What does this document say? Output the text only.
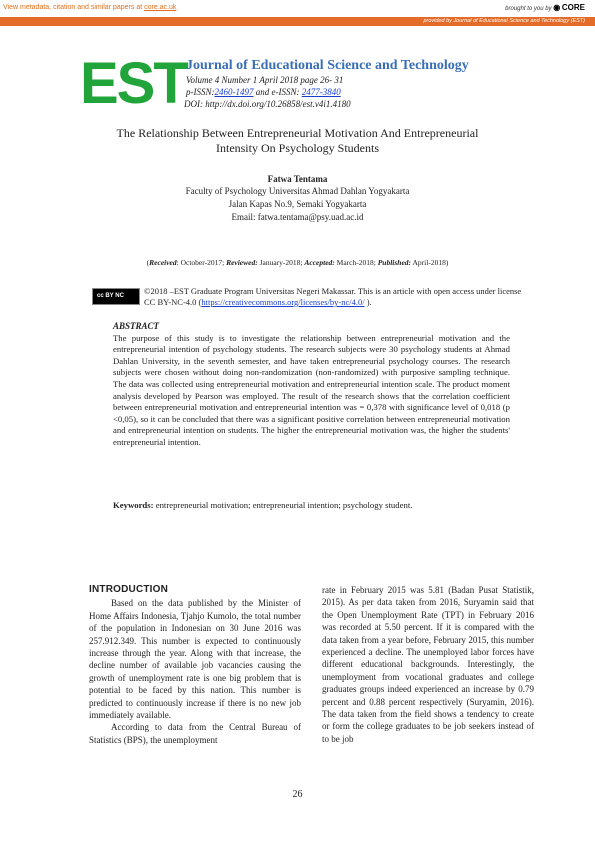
View metadata, citation and similar papers at core.ac.uk	brought to you by ◉ CORE
provided by Journal of Educational Science and Technology (EST)
EST Journal of Educational Science and Technology
Volume 4 Number 1 April 2018 page 26- 31
p-ISSN:2460-1497 and e-ISSN: 2477-3840
DOI: http://dx.doi.org/10.26858/est.v4i1.4180
The Relationship Between Entrepreneurial Motivation And Entrepreneurial
Intensity On Psychology Students
Fatwa Tentama
Faculty of Psychology Universitas Ahmad Dahlan Yogyakarta
Jalan Kapas No.9, Semaki Yogyakarta
Email: fatwa.tentama@psy.uad.ac.id
(Received: October-2017; Reviewed: January-2018; Accepted: March-2018; Published: April-2018)
cc BY NC ©2018 –EST Graduate Program Universitas Negeri Makassar. This is an article with open access under license CC BY-NC-4.0 (https://creativecommons.org/licenses/by-nc/4.0/ ).
ABSTRACT

The purpose of this study is to investigate the relationship between entrepreneurial motivation and the entrepreneurial intention of psychology students. The research subjects were 30 psychology students at Ahmad Dahlan University, in the seventh semester, and have taken entrepreneurial psychology courses. The research subjects were chosen without doing non-randomization (non-randomized) with purposive sampling technique. The data was collected using entrepreneurial motivation and entrepreneurial intention scale. The product moment analysis developed by Pearson was employed. The result of the research shows that the correlation coefficient between entrepreneurial motivation and entrepreneurial intention was = 0,378 with significance level of 0,018 (p <0,05), so it can be concluded that there was a significant positive correlation between entrepreneurial motivation and entrepreneurial intention on students. The higher the entrepreneurial motivation was, the higher the students' entrepreneurial intention.

Keywords: entrepreneurial motivation; entrepreneurial intention; psychology student.
INTRODUCTION

Based on the data published by the Minister of Home Affairs Indonesia, Tjahjo Kumolo, the total number of the population in Indonesian on 30 June 2016 was 257.912.349. This number is expected to continuously increase through the year. Along with that increase, the decline number of available job vacancies causing the growth of unemployment rate is one big problem that is potential to be faced by this nation. This number is predicted to continuously increase if there is no new job immediately available.

According to data from the Central Bureau of Statistics (BPS), the unemployment

rate in February 2015 was 5.81 (Badan Pusat Statistik, 2015). As per data taken from 2016, Suryamin said that the Open Unemployment Rate (TPT) in February 2016 was recorded at 5.50 percent. If it is compared with the data taken from a year before, February 2015, this number experienced a decline. The unemployed labor forces have different educational backgrounds. Interestingly, the unemployment from vocational graduates and college graduates groups indeed experienced an increase by 0.79 percent and 0.88 percent respectively (Suryamin, 2016). The data taken from the field shows a tendency to create or form the college graduates to be job seekers instead of to be job

26
